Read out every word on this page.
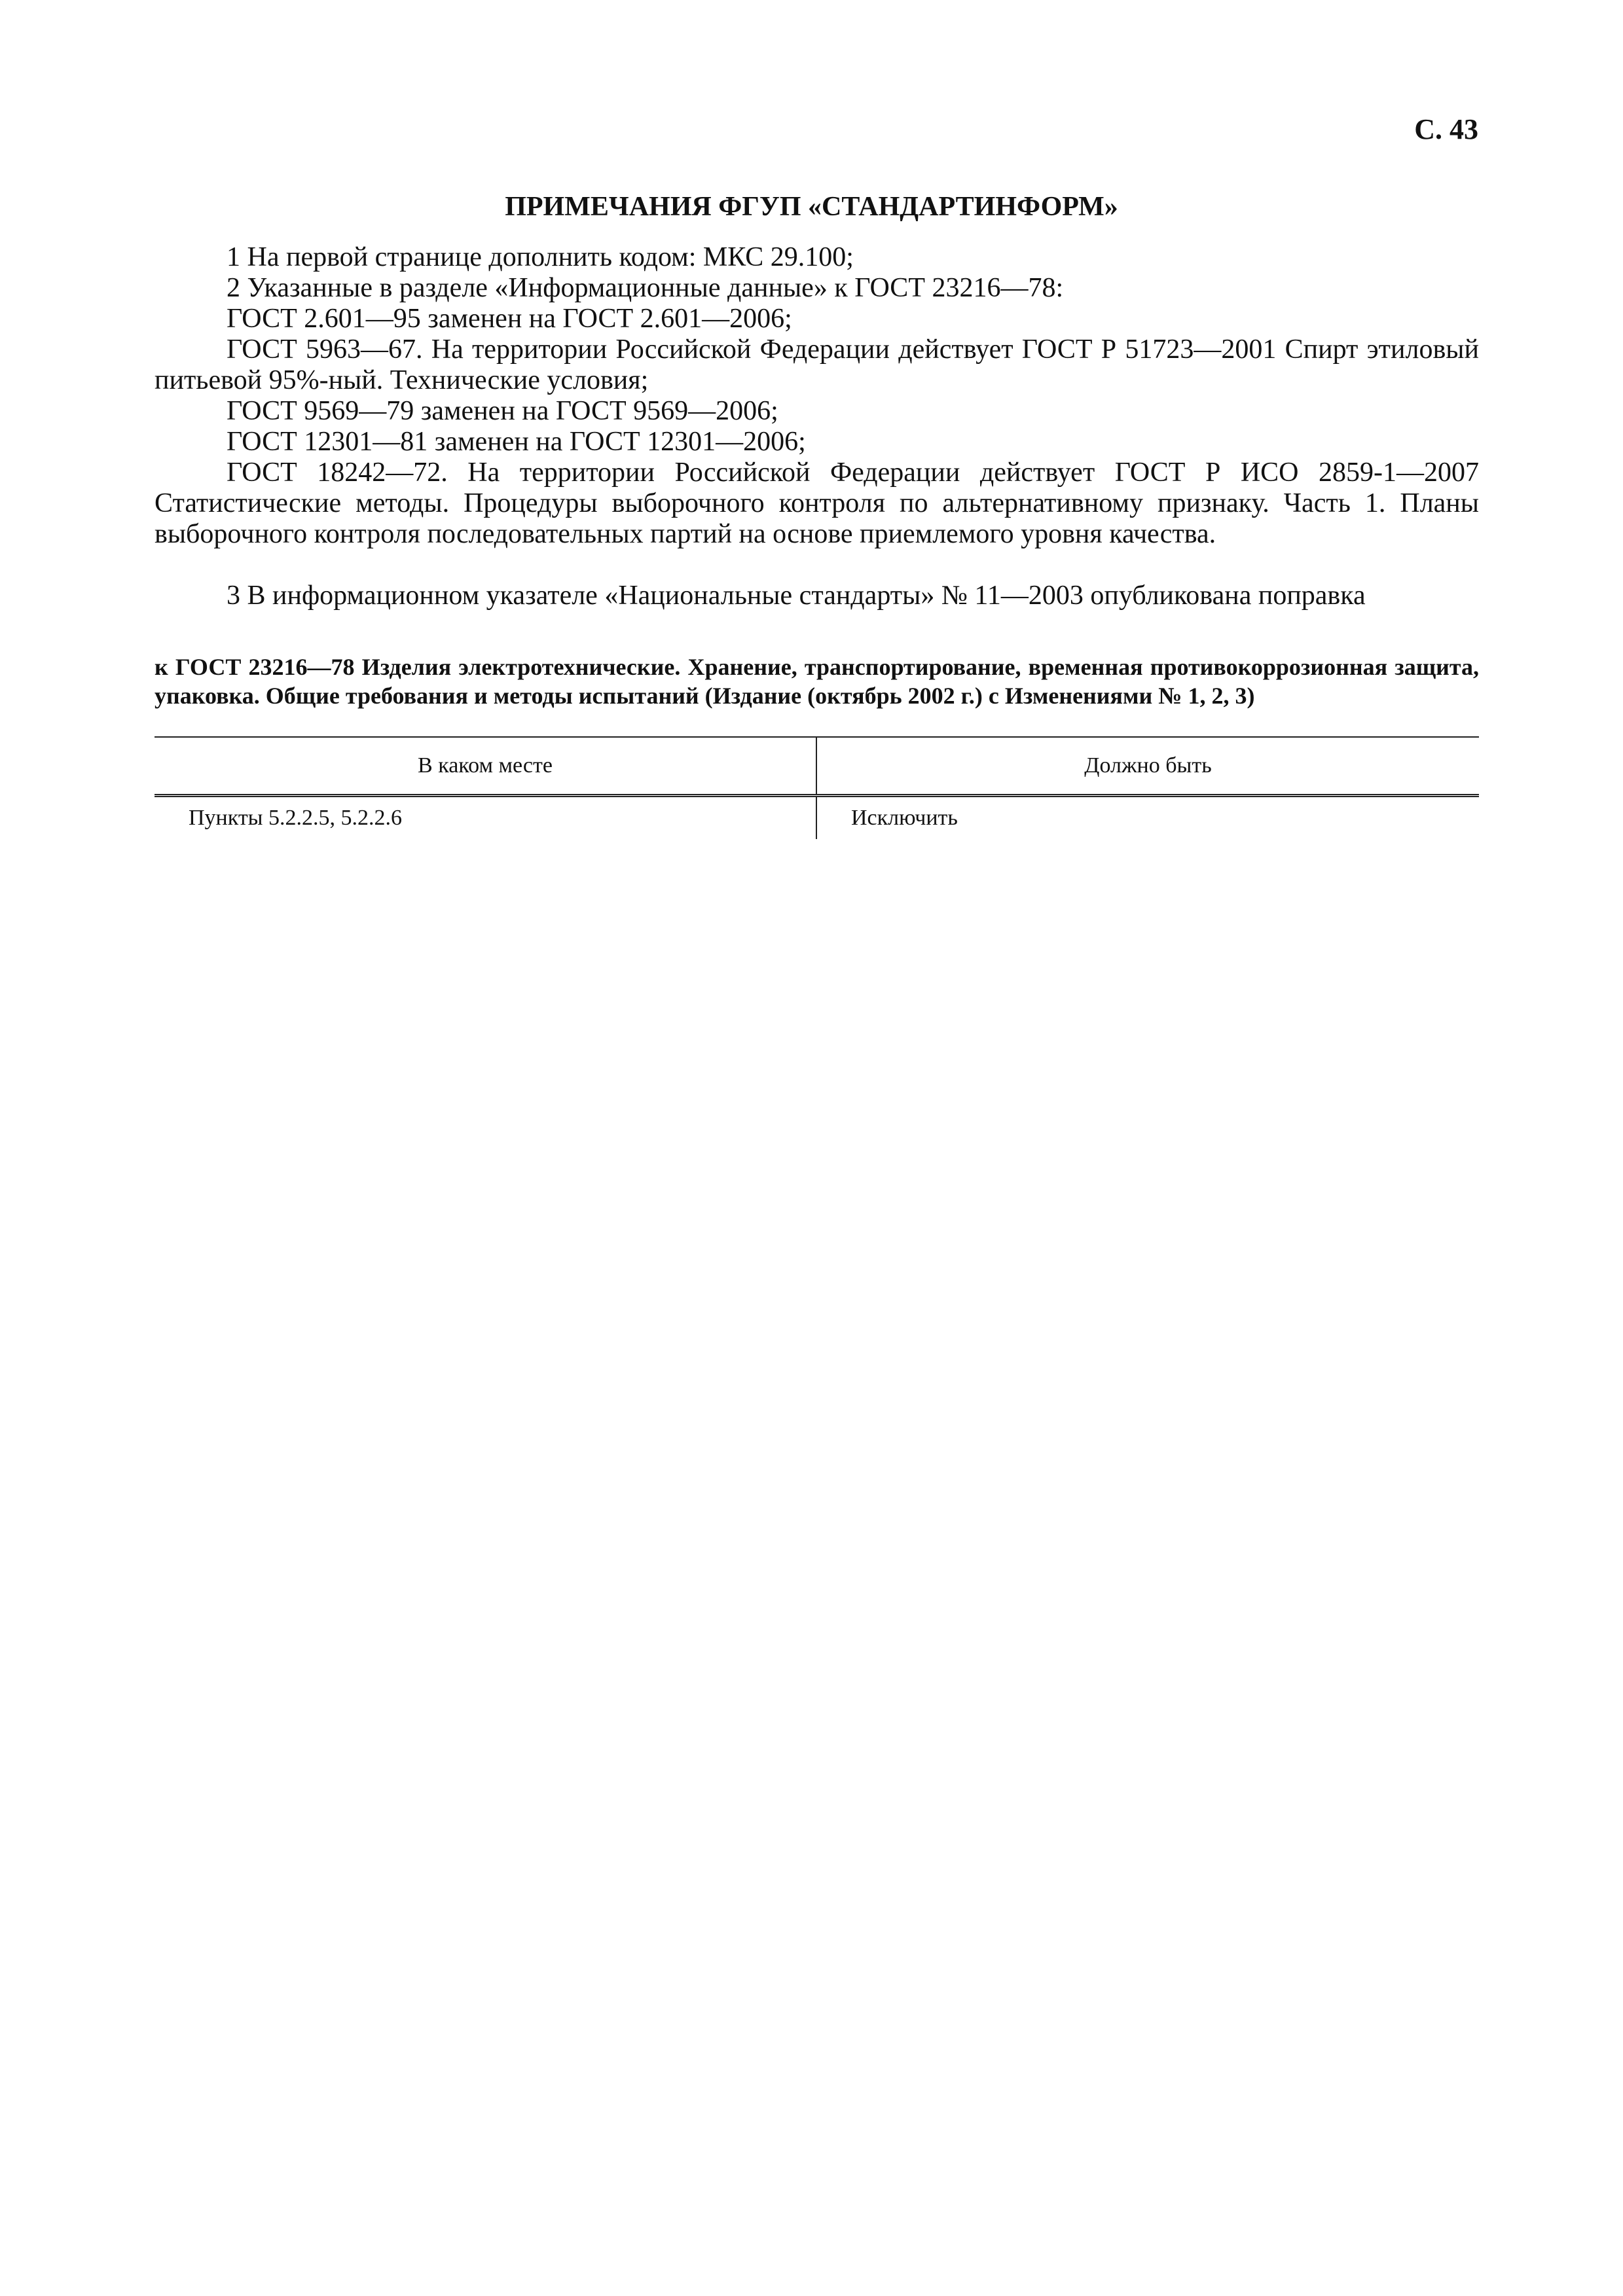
С. 43
ПРИМЕЧАНИЯ ФГУП «СТАНДАРТИНФОРМ»

1 На первой странице дополнить кодом: МКС 29.100;

2 Указанные в разделе «Информационные данные» к ГОСТ 23216—78:

ГОСТ 2.601—95 заменен на ГОСТ 2.601—2006;

ГОСТ 5963—67. На территории Российской Федерации действует ГОСТ Р 51723—2001 Спирт этиловый питьевой 95%-ный. Технические условия;

ГОСТ 9569—79 заменен на ГОСТ 9569—2006;

ГОСТ 12301—81 заменен на ГОСТ 12301—2006;

ГОСТ 18242—72. На территории Российской Федерации действует ГОСТ Р ИСО 2859-1—2007 Статистические методы. Процедуры выборочного контроля по альтернативному признаку. Часть 1. Планы выборочного контроля последовательных партий на основе приемлемого уровня качества.

3 В информационном указателе «Национальные стандарты» № 11—2003 опубликована поправка

к ГОСТ 23216—78 Изделия электротехнические. Хранение, транспортирование, временная противокоррозионная защита, упаковка. Общие требования и методы испытаний (Издание (октябрь 2002 г.) с Изменениями № 1, 2, 3)
В каком месте	Должно быть
Пункты 5.2.2.5, 5.2.2.6	Исключить
